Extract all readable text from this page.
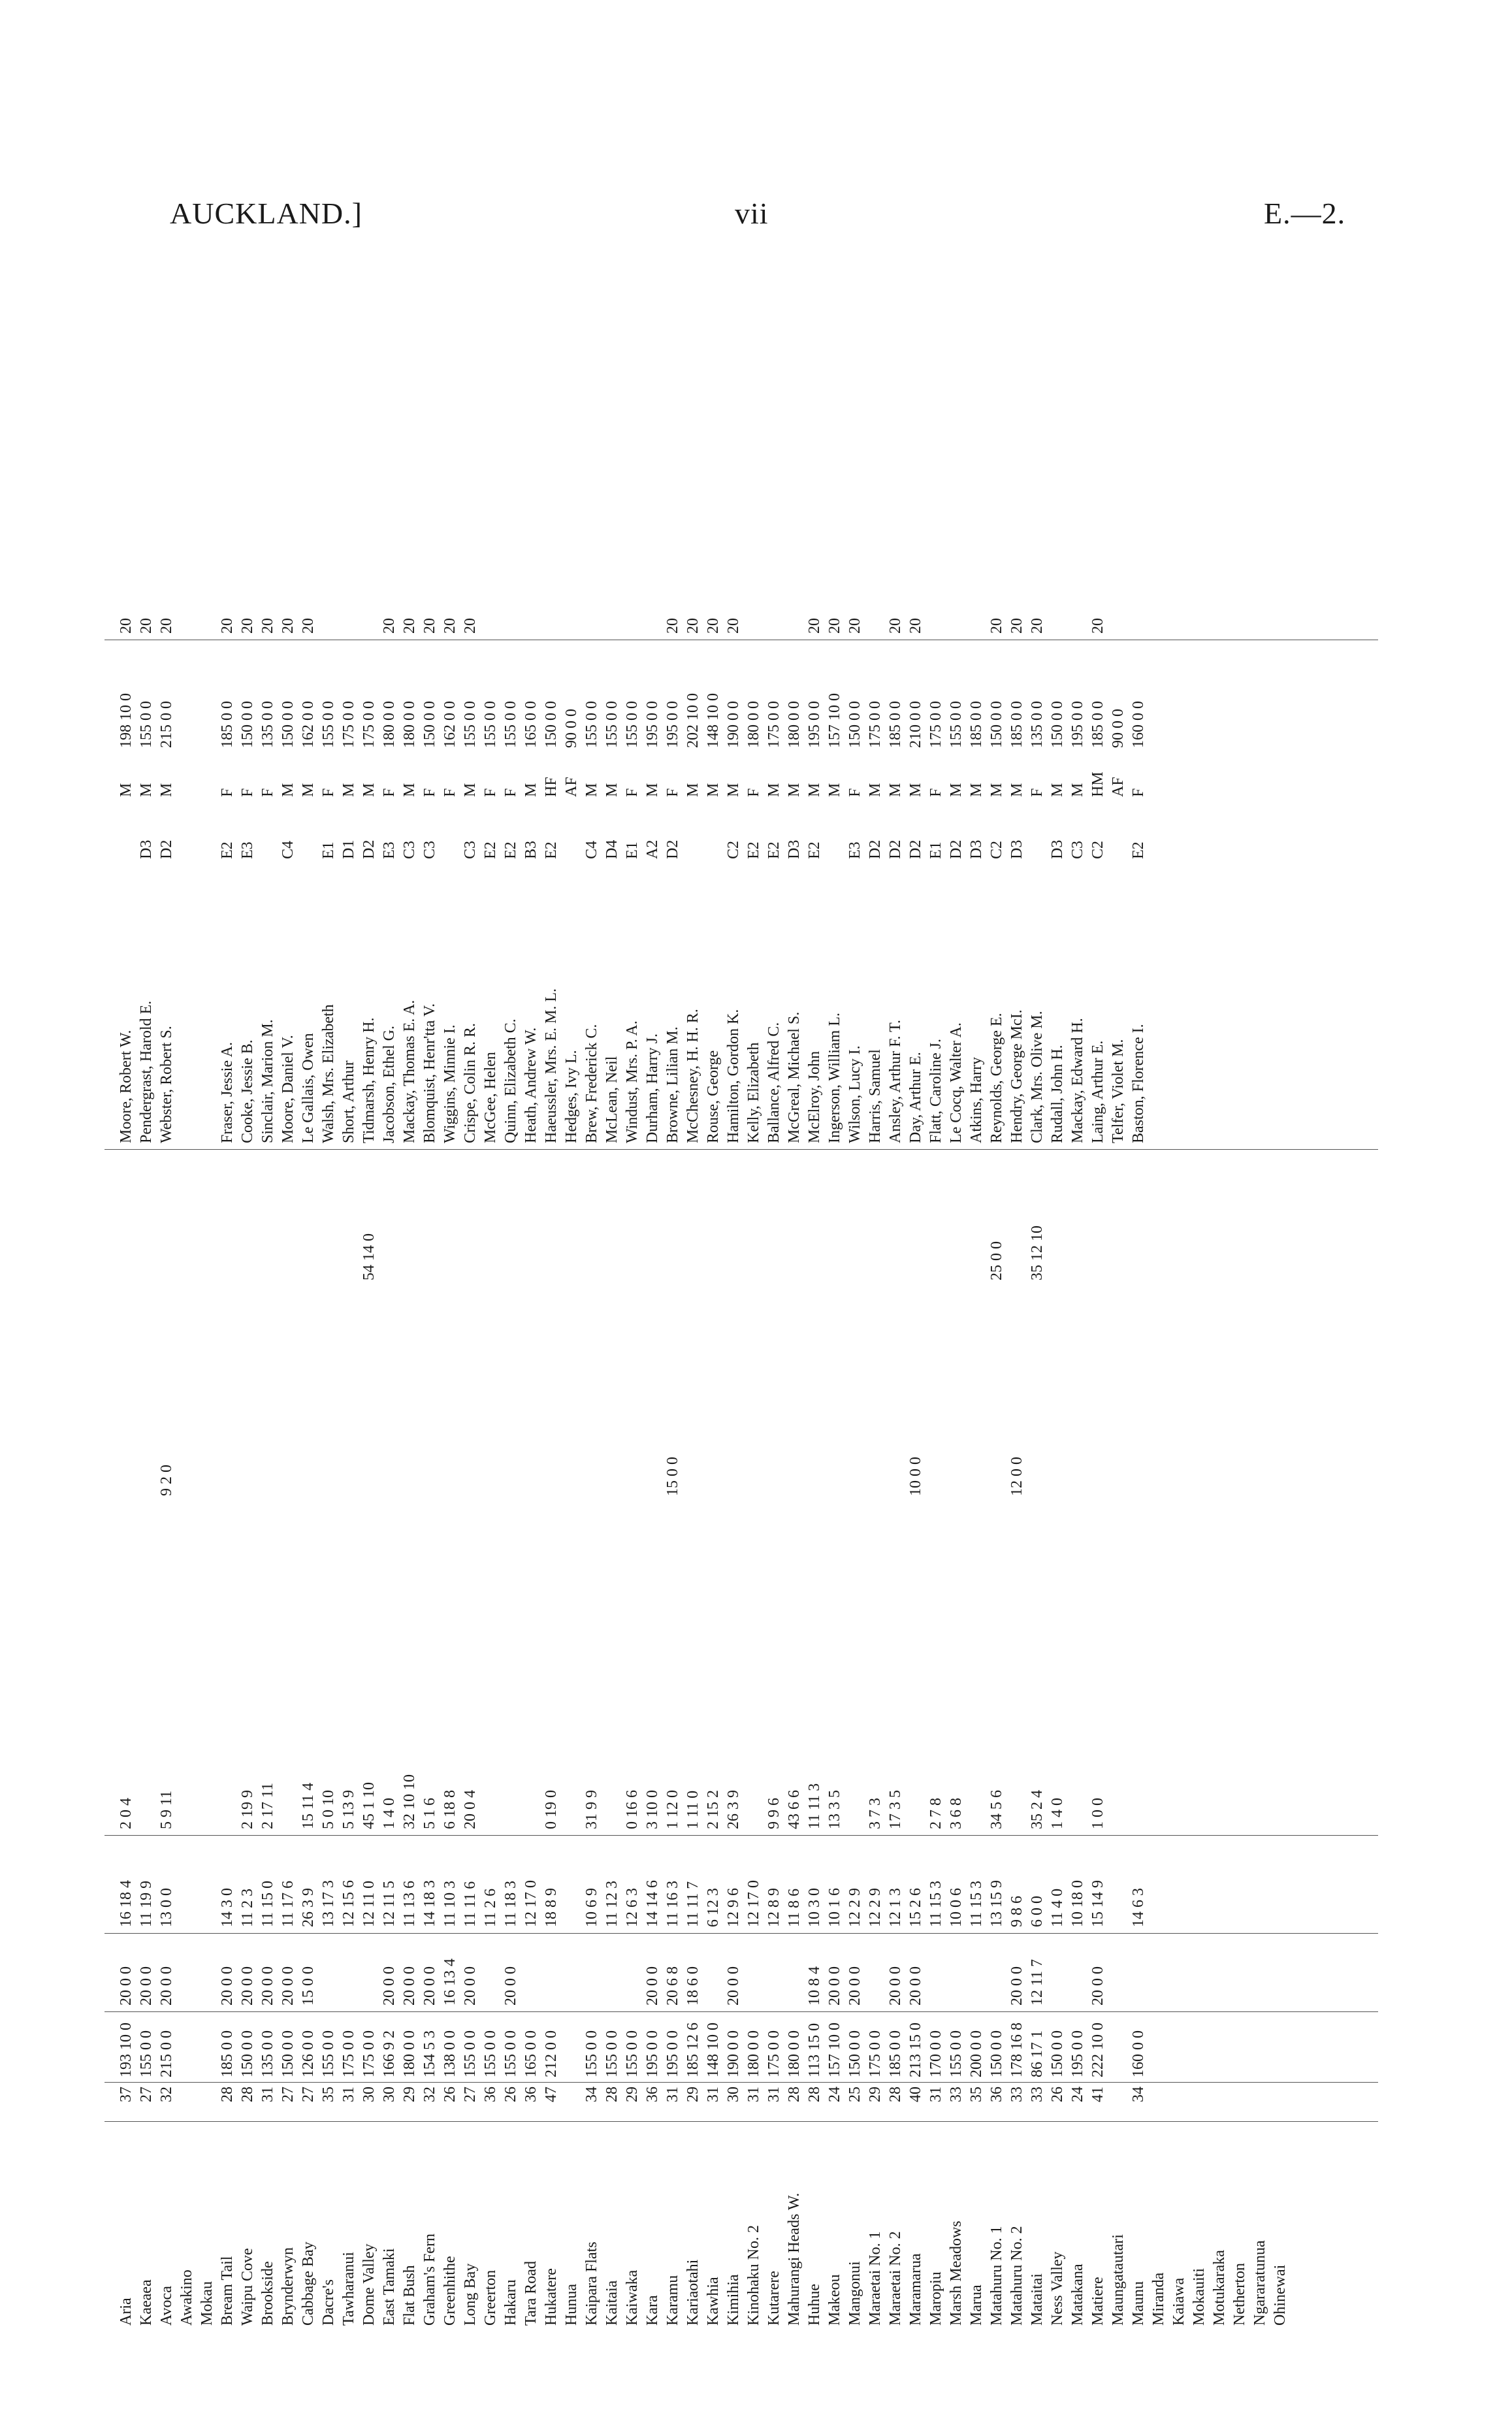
AUCKLAND.]	vii	E.—2.
Aria
37
193 10 0
20 0 0
16 18 4
2 0 4
Moore, Robert W.
M
198 10 0
20
Kaeaea
27
155 0 0
20 0 0
11 19 9
Pendergrast, Harold E.
D3
M
155 0 0
20
Avoca
32
215 0 0
20 0 0
13 0 0
5 9 11
9 2 0
Webster, Robert S.
D2
M
215 0 0
20
Awakino Mokau Bream Tail
28
185 0 0
20 0 0
14 3 0
Fraser, Jessie A.
E2
F
185 0 0
20
Waipu Cove
28
150 0 0
20 0 0
11 2 3
2 19 9
Cooke, Jessie B.
E3
F
150 0 0
20
Brookside
31
135 0 0
20 0 0
11 15 0
2 17 11
Sinclair, Marion M.
F
135 0 0
20
Brynderwyn
27
150 0 0
20 0 0
11 17 6
Moore, Daniel V.
C4
M
150 0 0
20
Cabbage Bay
27
126 0 0
15 0 0
26 3 9
15 11 4
Le Gallais, Owen
M
162 0 0
20
Dacre's
35
155 0 0
13 17 3
5 0 10
Walsh, Mrs. Elizabeth
E1
F
155 0 0
Tawharanui
31
175 0 0
12 15 6
5 13 9
Short, Arthur
D1
M
175 0 0
Dome Valley
30
175 0 0
12 11 0
45 1 10
54 14 0
Tidmarsh, Henry H.
D2
M
175 0 0
East Tamaki
30
166 9 2
20 0 0
12 11 5
1 4 0
Jacobson, Ethel G.
E3
F
180 0 0
20
Flat Bush
29
180 0 0
20 0 0
11 13 6
32 10 10
Mackay, Thomas E. A.
C3
M
180 0 0
20
Graham's Fern
32
154 5 3
20 0 0
14 18 3
5 1 6
Blomquist, Henr'tta V.
C3
F
150 0 0
20
Greenhithe
26
138 0 0
16 13 4
11 10 3
6 18 8
Wiggins, Minnie I.
F
162 0 0
20
Long Bay
27
155 0 0
20 0 0
11 11 6
20 0 4
Crispe, Colin R. R.
C3
M
155 0 0
20
Greerton
36
155 0 0
11 2 6
McGee, Helen
E2
F
155 0 0
Hakaru
26
155 0 0
20 0 0
11 18 3
Quinn, Elizabeth C.
E2
F
155 0 0
Tara Road
36
165 0 0
12 17 0
Heath, Andrew W.
B3
M
165 0 0
Hukatere
47
212 0 0
18 8 9
0 19 0
Haeussler, Mrs. E. M. L.
E2
HF
150 0 0
Hunua
Hedges, Ivy L.
AF
90 0 0
Kaipara Flats
34
155 0 0
10 6 9
31 9 9
Brew, Frederick C.
C4
M
155 0 0
Kaitaia
28
155 0 0
11 12 3
McLean, Neil
D4
M
155 0 0
Kaiwaka
29
155 0 0
12 6 3
0 16 6
Windust, Mrs. P. A.
E1
F
155 0 0
Kara
36
195 0 0
20 0 0
14 14 6
3 10 0
Durham, Harry J.
A2
M
195 0 0
Karamu
31
195 0 0
20 6 8
11 16 3
1 12 0
15 0 0
Browne, Lilian M.
D2
F
195 0 0
20
Kariaotahi
29
185 12 6
18 6 0
11 11 7
1 11 0
McChesney, H. H. R.
M
202 10 0
20
Kawhia
31
148 10 0
6 12 3
2 15 2
Rouse, George
M
148 10 0
20
Kimihia
30
190 0 0
20 0 0
12 9 6
26 3 9
Hamilton, Gordon K.
C2
M
190 0 0
20
Kinohaku No. 2
31
180 0 0
12 17 0
Kelly, Elizabeth
E2
F
180 0 0
Kutarere
31
175 0 0
12 8 9
9 9 6
Ballance, Alfred C.
E2
M
175 0 0
Mahurangi Heads W.
28
180 0 0
11 8 6
43 6 6
McGreal, Michael S.
D3
M
180 0 0
Huhue
28
113 15 0
10 8 4
10 3 0
11 11 3
McElroy, John
E2
M
195 0 0
20
Makeou
24
157 10 0
20 0 0
10 1 6
13 3 5
Ingerson, William L.
M
157 10 0
20
Mangonui
25
150 0 0
20 0 0
12 2 9
Wilson, Lucy I.
E3
F
150 0 0
20
Maraetai No. 1
29
175 0 0
12 2 9
3 7 3
Harris, Samuel
D2
M
175 0 0
Maraetai No. 2
28
185 0 0
20 0 0
12 1 3
17 3 5
Ansley, Arthur F. T.
D2
M
185 0 0
20
Maramarua
40
213 15 0
20 0 0
15 2 6
10 0 0
Day, Arthur E.
D2
M
210 0 0
20
Maropiu
31
170 0 0
11 15 3
2 7 8
Flatt, Caroline J.
E1
F
175 0 0
Marsh Meadows
33
155 0 0
10 0 6
3 6 8
Le Cocq, Walter A.
D2
M
155 0 0
Marua
35
200 0 0
11 15 3
Atkins, Harry
D3
M
185 0 0
Matahuru No. 1
36
150 0 0
13 15 9
34 5 6
25 0 0
Reynolds, George E.
C2
M
150 0 0
20
Matahuru No. 2
33
178 16 8
20 0 0
9 8 6
12 0 0
Hendry, George McI.
D3
M
185 0 0
20
Mataitai
33
86 17 1
12 11 7
6 0 0
35 2 4
35 12 10
Clark, Mrs. Olive M.
F
135 0 0
20
Ness Valley
26
150 0 0
11 4 0
1 4 0
Rudall, John H.
D3
M
150 0 0
Matakana
24
195 0 0
10 18 0
Mackay, Edward H.
C3
M
195 0 0
Matiere
41
222 10 0
20 0 0
15 14 9
1 0 0
Laing, Arthur E.
C2
HM
185 0 0
20
Maungatautari
Telfer, Violet M.
AF
90 0 0
Maunu
34
160 0 0
14 6 3
Baston, Florence I.
E2
F
160 0 0
Miranda Kaiawa Mokauiti Motukaraka Netherton Ngararatunua Ohinewai
